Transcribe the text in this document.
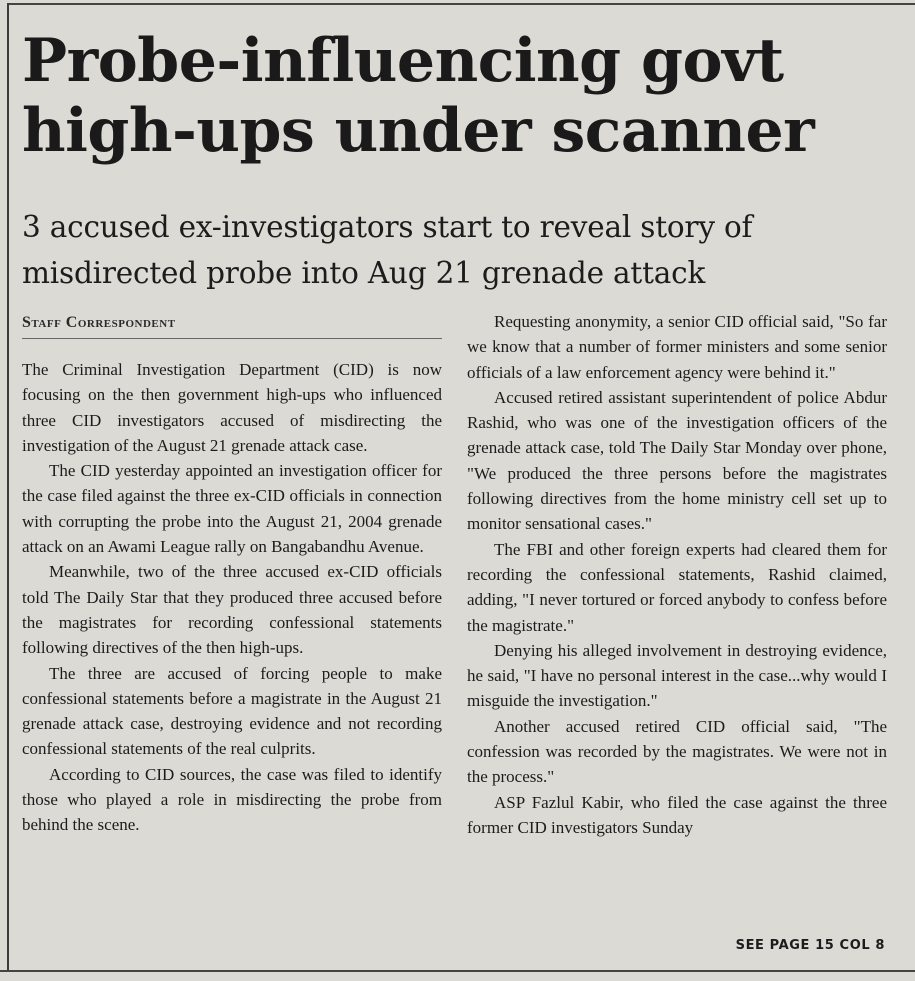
Probe-influencing govt high-ups under scanner
3 accused ex-investigators start to reveal story of misdirected probe into Aug 21 grenade attack
Staff Correspondent

The Criminal Investigation Department (CID) is now focusing on the then government high-ups who influenced three CID investigators accused of misdirecting the investigation of the August 21 grenade attack case.

The CID yesterday appointed an investigation officer for the case filed against the three ex-CID officials in connection with corrupting the probe into the August 21, 2004 grenade attack on an Awami League rally on Bangabandhu Avenue.

Meanwhile, two of the three accused ex-CID officials told The Daily Star that they produced three accused before the magistrates for recording confessional statements following directives of the then high-ups.

The three are accused of forcing people to make confessional statements before a magistrate in the August 21 grenade attack case, destroying evidence and not recording confessional statements of the real culprits.

According to CID sources, the case was filed to identify those who played a role in misdirecting the probe from behind the scene.

Requesting anonymity, a senior CID official said, "So far we know that a number of former ministers and some senior officials of a law enforcement agency were behind it."

Accused retired assistant superintendent of police Abdur Rashid, who was one of the investigation officers of the grenade attack case, told The Daily Star Monday over phone, "We produced the three persons before the magistrates following directives from the home ministry cell set up to monitor sensational cases."

The FBI and other foreign experts had cleared them for recording the confessional statements, Rashid claimed, adding, "I never tortured or forced anybody to confess before the magistrate."

Denying his alleged involvement in destroying evidence, he said, "I have no personal interest in the case...why would I misguide the investigation."

Another accused retired CID official said, "The confession was recorded by the magistrates. We were not in the process."

ASP Fazlul Kabir, who filed the case against the three former CID investigators Sunday

SEE PAGE 15 COL 8
